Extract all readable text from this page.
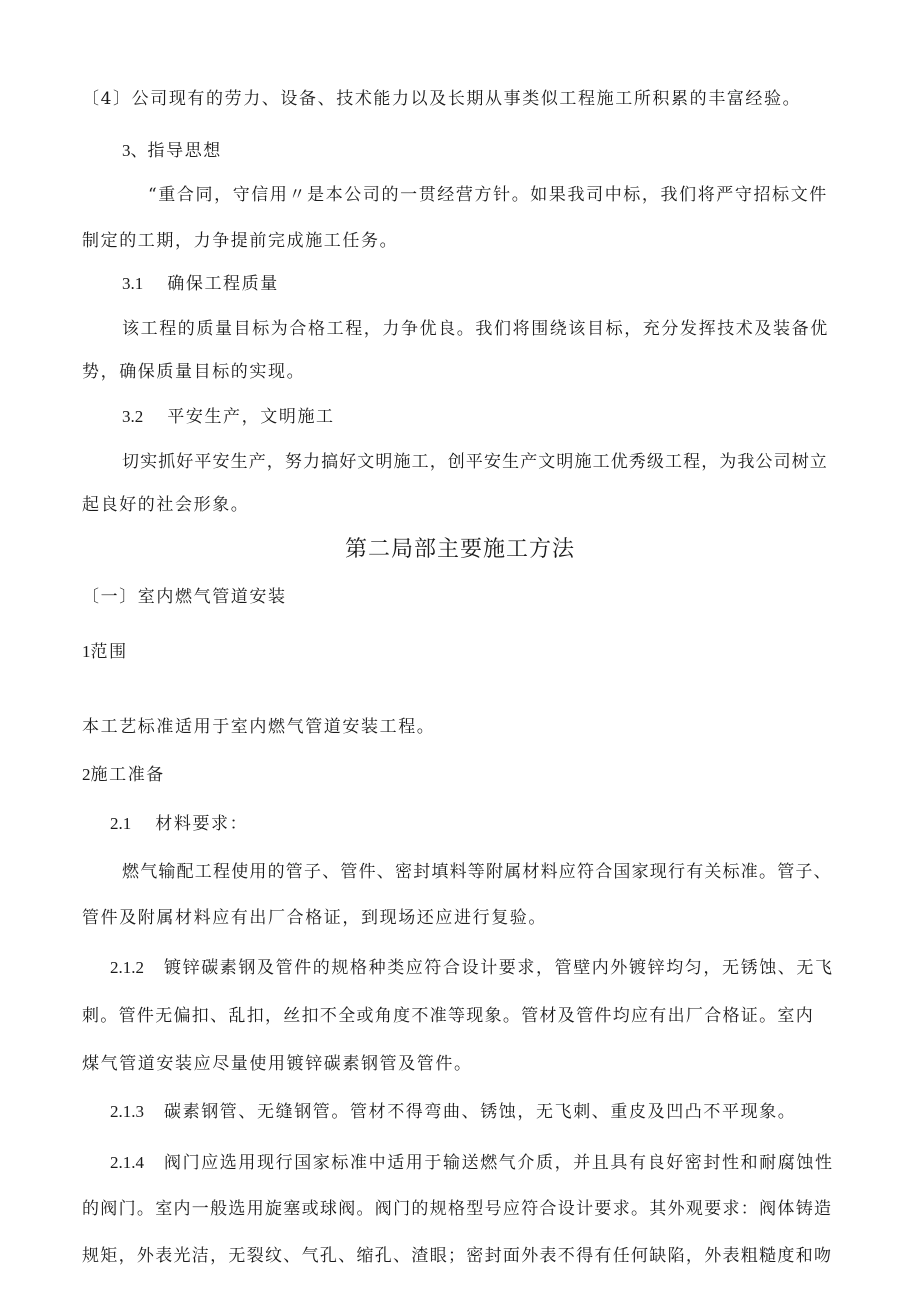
〔4〕公司现有的劳力、设备、技术能力以及长期从事类似工程施工所积累的丰富经验。
3、指导思想
“重合同，守信用〃是本公司的一贯经营方针。如果我司中标，我们将严守招标文件
制定的工期，力争提前完成施工任务。
3.1 确保工程质量
该工程的质量目标为合格工程，力争优良。我们将围绕该目标，充分发挥技术及装备优
势，确保质量目标的实现。
3.2 平安生产，文明施工
切实抓好平安生产，努力搞好文明施工，创平安生产文明施工优秀级工程，为我公司树立
起良好的社会形象。
第二局部主要施工方法
〔一〕室内燃气管道安装
1范围
本工艺标准适用于室内燃气管道安装工程。
2施工准备
2.1 材料要求：
燃气输配工程使用的管子、管件、密封填料等附属材料应符合国家现行有关标准。管子、
管件及附属材料应有出厂合格证，到现场还应进行复验。
2.1.2 镀锌碳素钢及管件的规格种类应符合设计要求，管壁内外镀锌均匀，无锈蚀、无飞
刺。管件无偏扣、乱扣，丝扣不全或角度不准等现象。管材及管件均应有出厂合格证。室内
煤气管道安装应尽量使用镀锌碳素钢管及管件。
2.1.3 碳素钢管、无缝钢管。管材不得弯曲、锈蚀，无飞刺、重皮及凹凸不平现象。
2.1.4 阀门应选用现行国家标准中适用于输送燃气介质，并且具有良好密封性和耐腐蚀性
的阀门。室内一般选用旋塞或球阀。阀门的规格型号应符合设计要求。其外观要求：阀体铸造
规矩，外表光洁，无裂纹、气孔、缩孔、渣眼；密封面外表不得有任何缺陷，外表粗糙度和吻
